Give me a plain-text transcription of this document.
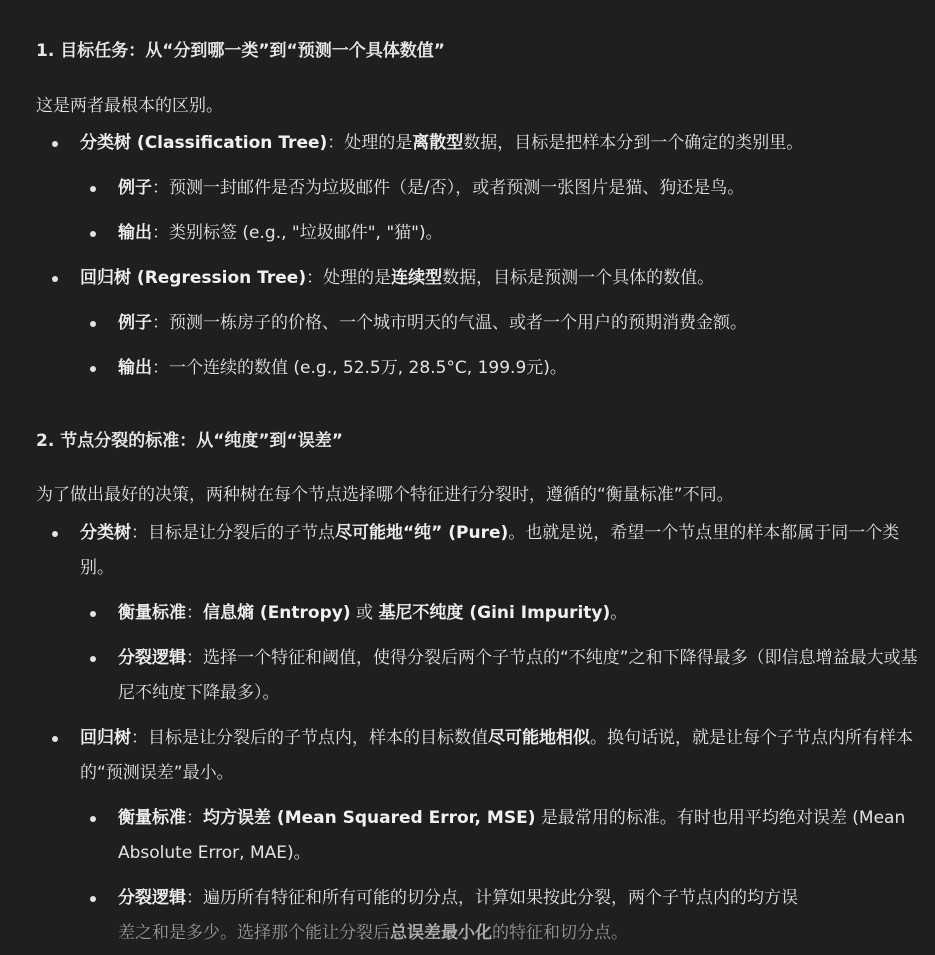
1. 目标任务：从“分到哪一类”到“预测一个具体数值”
这是两者最根本的区别。
分类树 (Classification Tree)：处理的是离散型数据，目标是把样本分到一个确定的类别里。
例子：预测一封邮件是否为垃圾邮件（是/否），或者预测一张图片是猫、狗还是鸟。
输出：类别标签 (e.g., "垃圾邮件", "猫")。
回归树 (Regression Tree)：处理的是连续型数据，目标是预测一个具体的数值。
例子：预测一栋房子的价格、一个城市明天的气温、或者一个用户的预期消费金额。
输出：一个连续的数值 (e.g., 52.5万, 28.5°C, 199.9元)。
2. 节点分裂的标准：从“纯度”到“误差”
为了做出最好的决策，两种树在每个节点选择哪个特征进行分裂时，遵循的“衡量标准”不同。
分类树：目标是让分裂后的子节点尽可能地“纯” (Pure)。也就是说，希望一个节点里的样本都属于同一个类别。
衡量标准：信息熵 (Entropy) 或 基尼不纯度 (Gini Impurity)。
分裂逻辑：选择一个特征和阈值，使得分裂后两个子节点的“不纯度”之和下降得最多（即信息增益最大或基尼不纯度下降最多）。
回归树：目标是让分裂后的子节点内，样本的目标数值尽可能地相似。换句话说，就是让每个子节点内所有样本的“预测误差”最小。
衡量标准：均方误差 (Mean Squared Error, MSE) 是最常用的标准。有时也用平均绝对误差 (Mean Absolute Error, MAE)。
分裂逻辑：遍历所有特征和所有可能的切分点，计算如果按此分裂，两个子节点内的均方误
差之和是多少。选择那个能让分裂后总误差最小化的特征和切分点。
